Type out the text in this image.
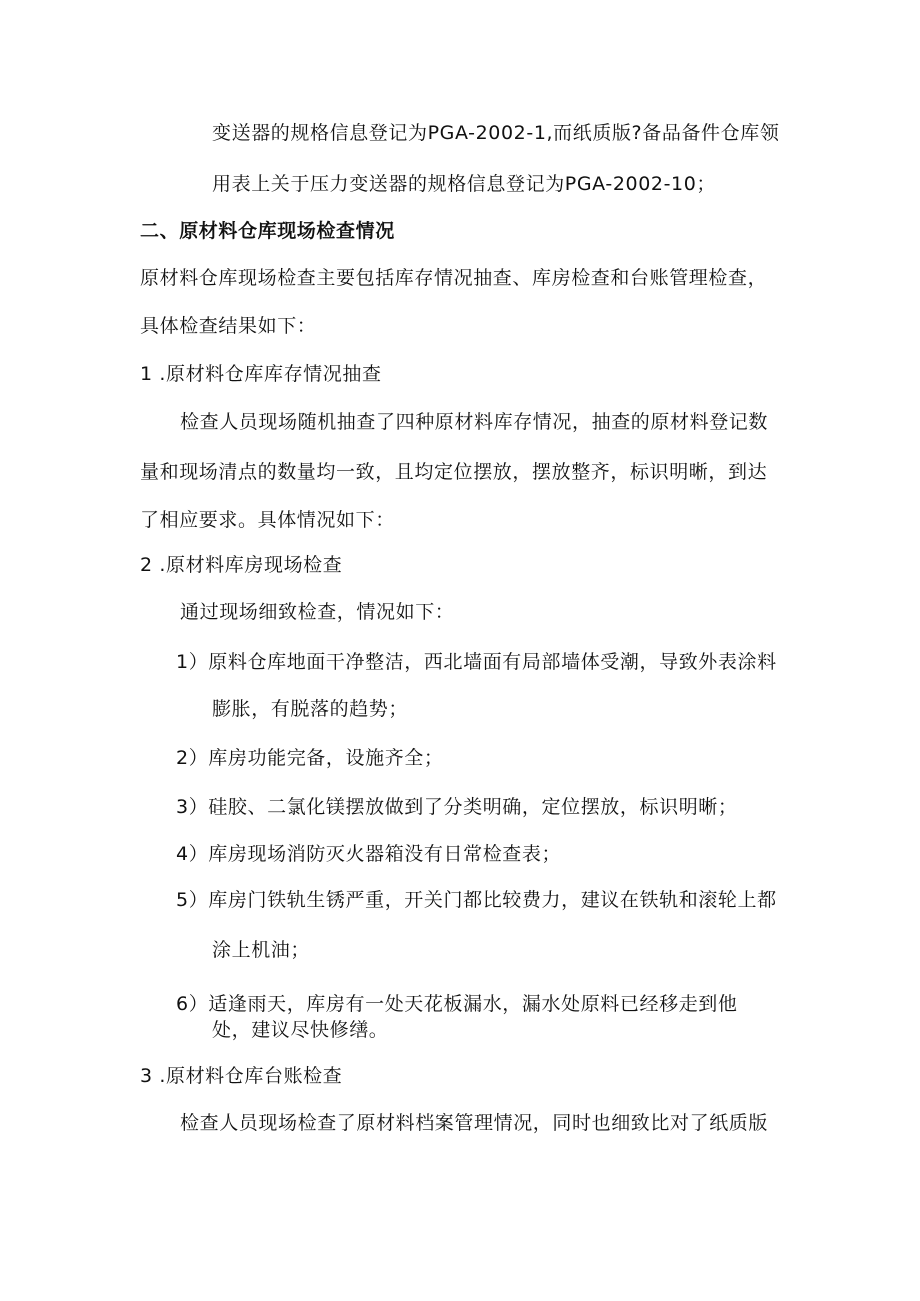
变送器的规格信息登记为PGA-2002-1,而纸质版?备品备件仓库领
用表上关于压力变送器的规格信息登记为PGA-2002-10；
二、原材料仓库现场检查情况
原材料仓库现场检查主要包括库存情况抽查、库房检查和台账管理检查，
具体检查结果如下：
1 .原材料仓库库存情况抽查
检查人员现场随机抽查了四种原材料库存情况，抽查的原材料登记数
量和现场清点的数量均一致，且均定位摆放，摆放整齐，标识明晰，到达
了相应要求。具体情况如下：
2 .原材料库房现场检查
通过现场细致检查，情况如下：
1）原料仓库地面干净整洁，西北墙面有局部墙体受潮，导致外表涂料
膨胀，有脱落的趋势；
2）库房功能完备，设施齐全；
3）硅胶、二氯化镁摆放做到了分类明确，定位摆放，标识明晰；
4）库房现场消防灭火器箱没有日常检查表；
5）库房门铁轨生锈严重，开关门都比较费力，建议在铁轨和滚轮上都
涂上机油；
6）适逢雨天，库房有一处天花板漏水，漏水处原料已经移走到他
处，建议尽快修缮。
3 .原材料仓库台账检查
检查人员现场检查了原材料档案管理情况，同时也细致比对了纸质版
